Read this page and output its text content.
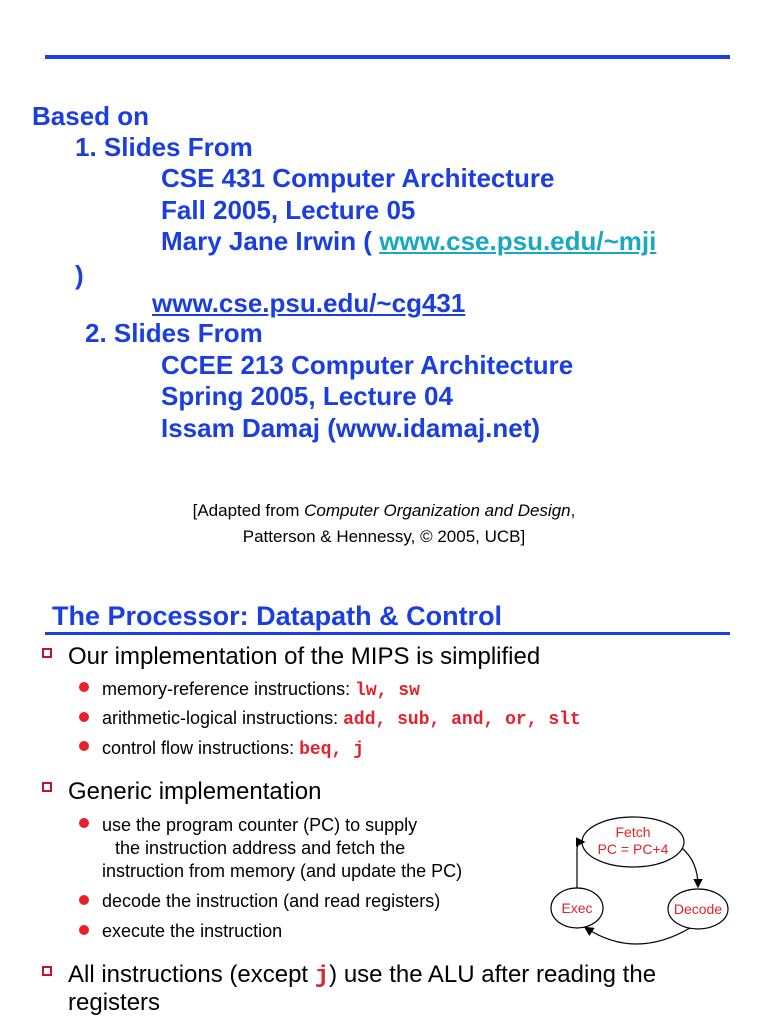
Based on
1. Slides From
CSE 431 Computer Architecture
Fall 2005, Lecture 05
Mary Jane Irwin ( www.cse.psu.edu/~mji
)
www.cse.psu.edu/~cg431
2. Slides From
CCEE 213 Computer Architecture
Spring 2005, Lecture 04
Issam Damaj (www.idamaj.net)
[Adapted from Computer Organization and Design,
Patterson & Hennessy, © 2005, UCB]
The Processor: Datapath & Control
Our implementation of the MIPS is simplified
memory-reference instructions: lw, sw
arithmetic-logical instructions: add, sub, and, or, slt
control flow instructions: beq, j
Generic implementation
use the program counter (PC) to supply
the instruction address and fetch the
instruction from memory (and update the PC)
decode the instruction (and read registers)
execute the instruction
All instructions (except j) use the ALU after reading the
registers
Fetch
PC = PC+4
Exec	Decode
